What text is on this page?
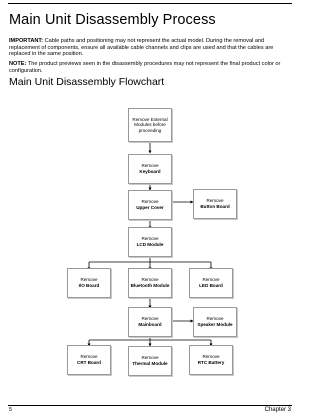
Main Unit Disassembly Process

IMPORTANT: Cable paths and positioning may not represent the actual model. During the removal and replacement of components, ensure all available cable channels and clips are used and that the cables are replaced in the same position.

NOTE: The product previews seen in the disassembly procedures may not represent the final product color or configuration.

Main Unit Disassembly Flowchart
Remove External
Modules before
proceeding
Remove
Keyboard
Remove
Upper Cover
Remove
Button Board
Remove
LCD Module
Remove
I/O Board
Remove
Bluetooth Module
Remove
LED Board
Remove
Mainboard
Remove
Speaker Module
Remove
CRT Board
Remove
Thermal Module
Remove
RTC Battery
5	Chapter 3
